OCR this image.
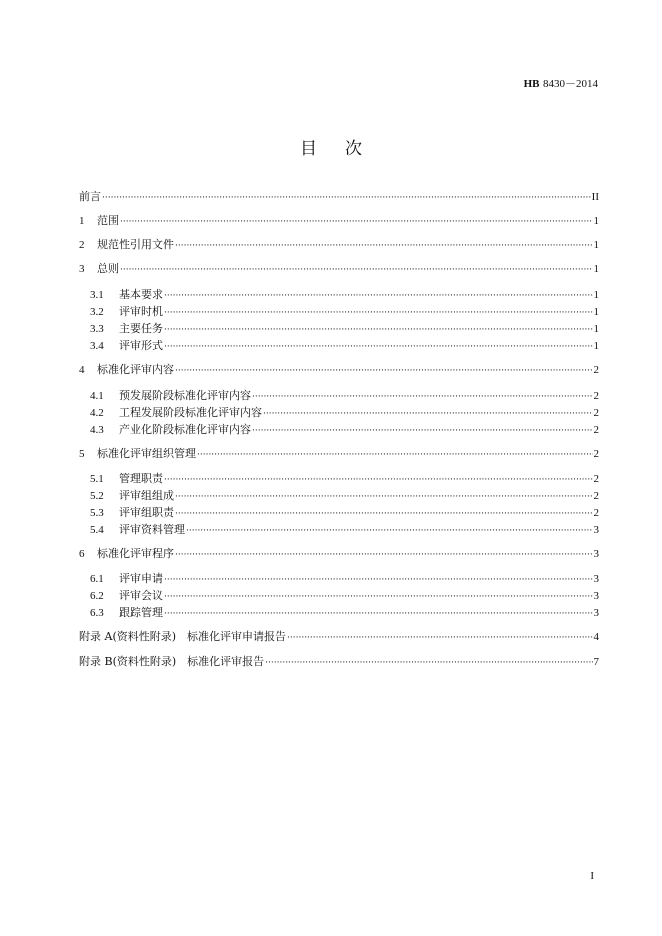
HB 8430－2014
目次
前言 ·····	II
1	范围 ·····	1
2	规范性引用文件 ·····	1
3	总则 ·····	1
3.1	基本要求 ·····	1
3.2	评审时机 ·····	1
3.3	主要任务 ·····	1
3.4	评审形式 ·····	1
4	标准化评审内容 ·····	2
4.1	预发展阶段标准化评审内容 ·····	2
4.2	工程发展阶段标准化评审内容 ·····	2
4.3	产业化阶段标准化评审内容 ·····	2
5	标准化评审组织管理 ·····	2
5.1	管理职责 ·····	2
5.2	评审组组成 ·····	2
5.3	评审组职责 ·····	2
5.4	评审资料管理 ·····	3
6	标准化评审程序 ·····	3
6.1	评审申请 ·····	3
6.2	评审会议 ·····	3
6.3	跟踪管理 ·····	3
附录 A(资料性附录)　标准化评审申请报告 ·····	4
附录 B(资料性附录)　标准化评审报告 ·····	7
I
